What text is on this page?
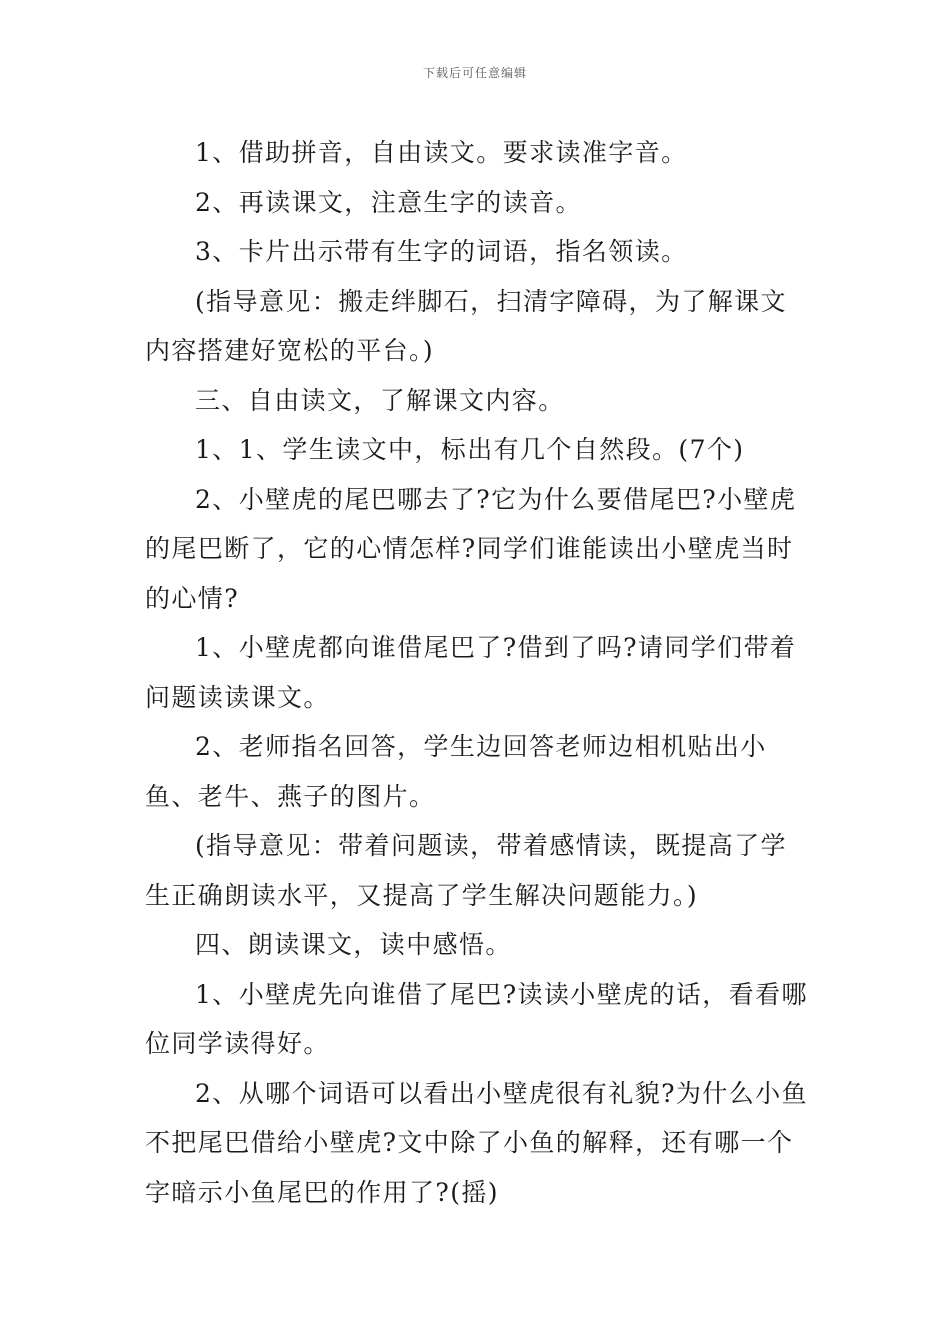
下载后可任意编辑

1、借助拼音，自由读文。要求读准字音。

2、再读课文，注意生字的读音。

3、卡片出示带有生字的词语，指名领读。

(指导意见：搬走绊脚石，扫清字障碍，为了解课文内容搭建好宽松的平台。)

三、自由读文，了解课文内容。

1、1、学生读文中，标出有几个自然段。(7个)

2、小壁虎的尾巴哪去了?它为什么要借尾巴?小壁虎的尾巴断了，它的心情怎样?同学们谁能读出小壁虎当时的心情?

1、小壁虎都向谁借尾巴了?借到了吗?请同学们带着问题读读课文。

2、老师指名回答，学生边回答老师边相机贴出小鱼、老牛、燕子的图片。

(指导意见：带着问题读，带着感情读，既提高了学生正确朗读水平，又提高了学生解决问题能力。)

四、朗读课文，读中感悟。

1、小壁虎先向谁借了尾巴?读读小壁虎的话，看看哪位同学读得好。

2、从哪个词语可以看出小壁虎很有礼貌?为什么小鱼不把尾巴借给小壁虎?文中除了小鱼的解释，还有哪一个字暗示小鱼尾巴的作用了?(摇)
